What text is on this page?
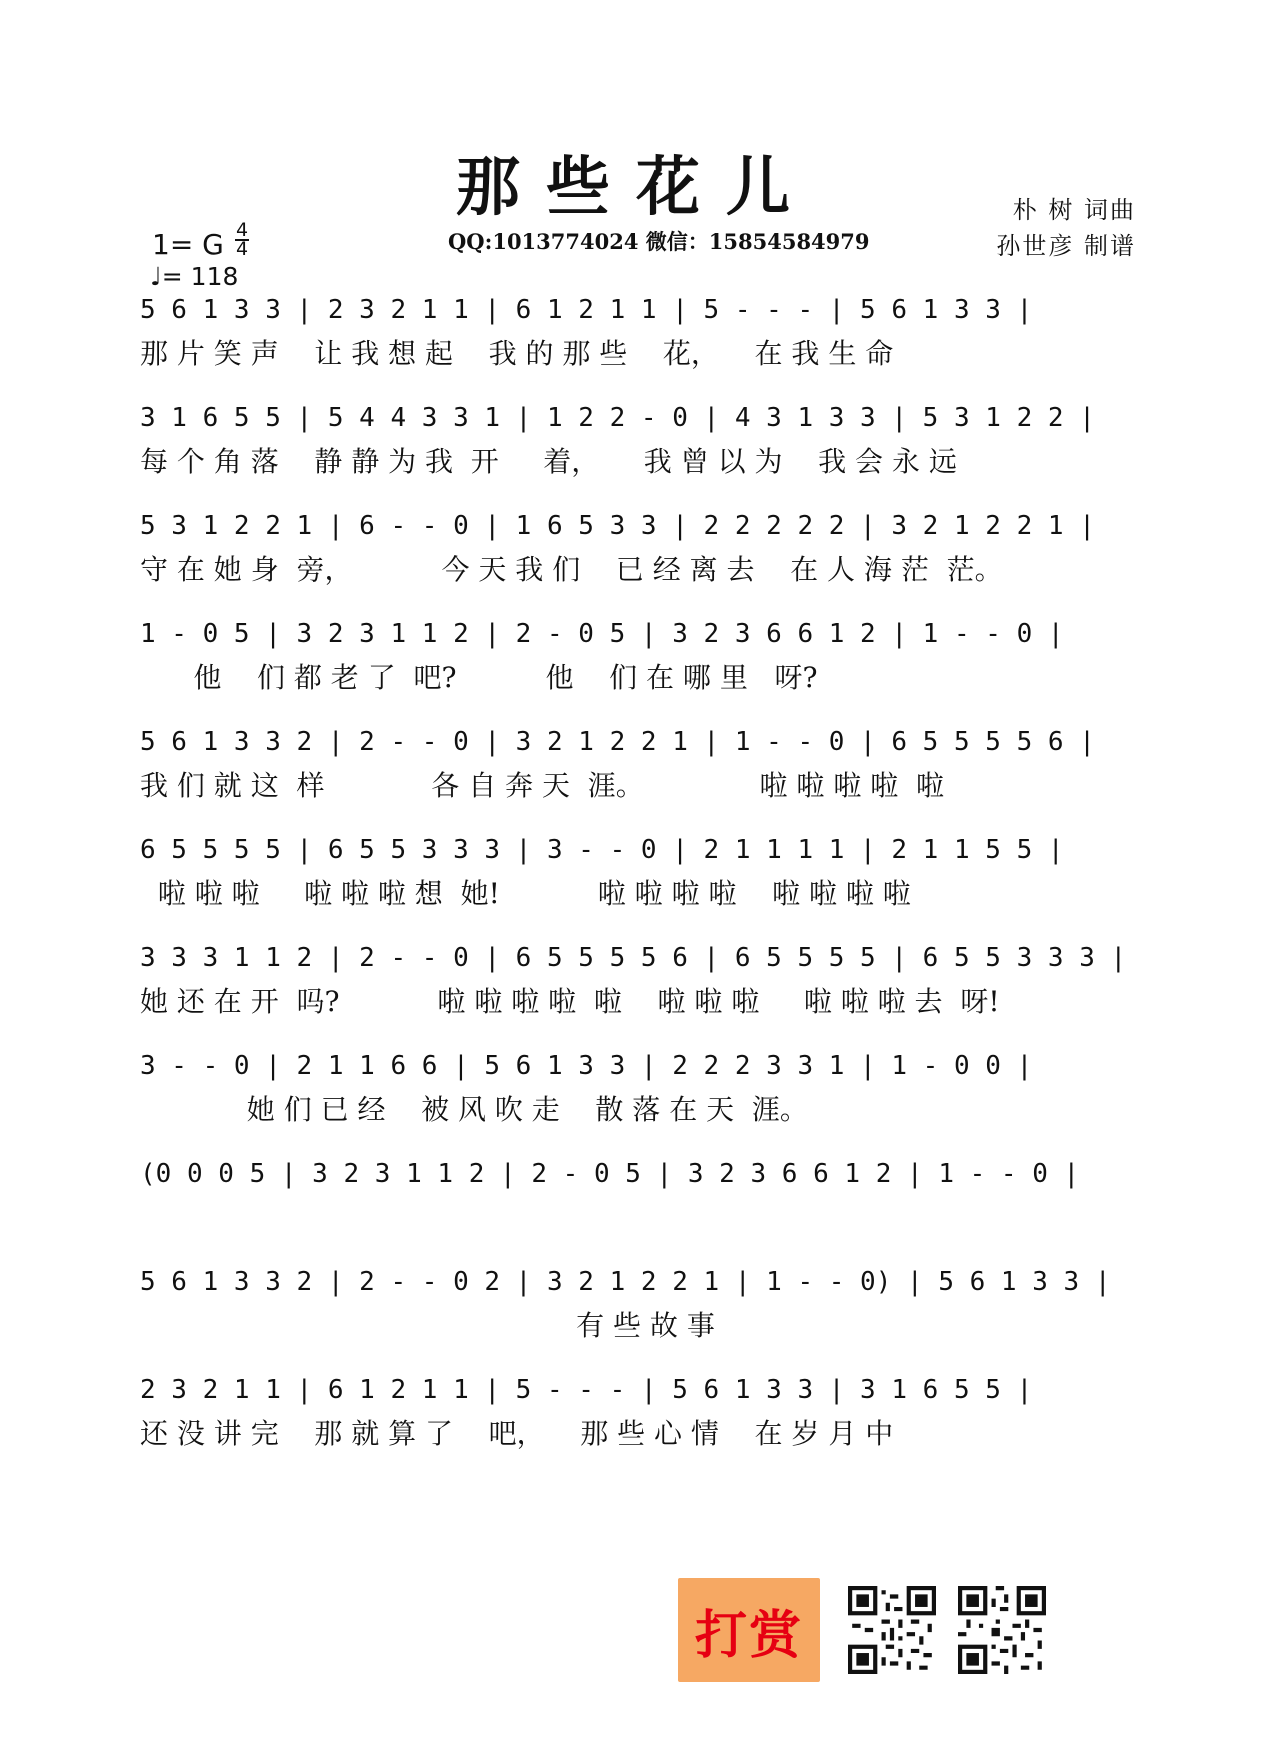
那些花儿
QQ:1013774024 微信：15854584979
朴 树 词曲
孙世彦 制谱
1= G 4
4
♩= 118
5 6 1 3 3 | 2 3 2 1 1 | 6 1 2 1 1 | 5 - - - | 5 6 1 3 3 |
那 片 笑 声    让 我 想 起    我 的 那 些    花，    在 我 生 命
3 1 6 5 5 | 5 4 4 3 3 1 | 1 2 2 - 0 | 4 3 1 3 3 | 5 3 1 2 2 |
每 个 角 落    静 静 为 我  开     着，     我 曾 以 为    我 会 永 远
5 3 1 2 2 1 | 6 - - 0 | 1 6 5 3 3 | 2 2 2 2 2 | 3 2 1 2 2 1 |
守 在 她 身  旁，          今 天 我 们    已 经 离 去    在 人 海 茫  茫。
1 - 0 5 | 3 2 3 1 1 2 | 2 - 0 5 | 3 2 3 6 6 1 2 | 1 - - 0 |
他    们 都 老 了  吧?          他    们 在 哪 里   呀?
5 6 1 3 3 2 | 2 - - 0 | 3 2 1 2 2 1 | 1 - - 0 | 6 5 5 5 5 6 |
我 们 就 这  样            各 自 奔 天  涯。             啦 啦 啦 啦  啦
6 5 5 5 5 | 6 5 5 3 3 3 | 3 - - 0 | 2 1 1 1 1 | 2 1 1 5 5 |
啦 啦 啦     啦 啦 啦 想  她!           啦 啦 啦 啦    啦 啦 啦 啦
3 3 3 1 1 2 | 2 - - 0 | 6 5 5 5 5 6 | 6 5 5 5 5 | 6 5 5 3 3 3 |
她 还 在 开  吗?           啦 啦 啦 啦  啦    啦 啦 啦     啦 啦 啦 去  呀!
3 - - 0 | 2 1 1 6 6 | 5 6 1 3 3 | 2 2 2 3 3 1 | 1 - 0 0 |
她 们 已 经    被 风 吹 走    散 落 在 天  涯。
(0 0 0 5 | 3 2 3 1 1 2 | 2 - 0 5 | 3 2 3 6 6 1 2 | 1 - - 0 |
5 6 1 3 3 2 | 2 - - 0 2 | 3 2 1 2 2 1 | 1 - - 0) | 5 6 1 3 3 |
有 些 故 事
2 3 2 1 1 | 6 1 2 1 1 | 5 - - - | 5 6 1 3 3 | 3 1 6 5 5 |
还 没 讲 完    那 就 算 了    吧，    那 些 心 情    在 岁 月 中
打赏
